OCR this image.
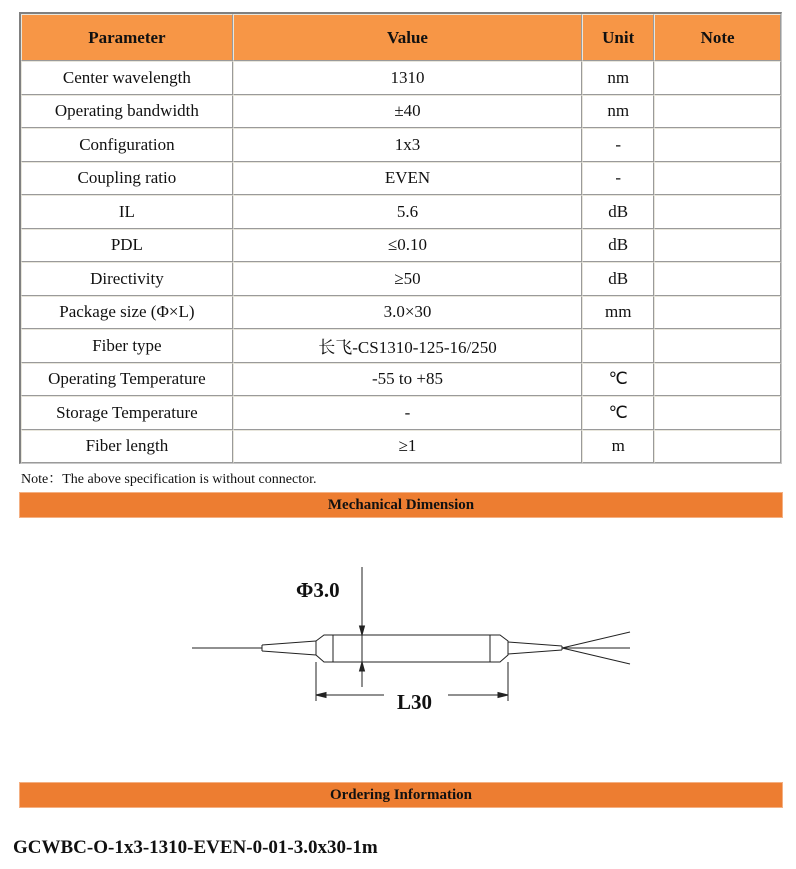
Parameter	Value	Unit	Note
Center wavelength	1310	nm	
Operating bandwidth	±40	nm	
Configuration	1x3	-	
Coupling ratio	EVEN	-	
IL	5.6	dB	
PDL	≤0.10	dB	
Directivity	≥50	dB	
Package size (Φ×L)	3.0×30	mm	
Fiber type	长飞-CS1310-125-16/250		
Operating Temperature	-55 to +85	℃	
Storage Temperature	-	℃	
Fiber length	≥1	m	
Note：The above specification is without connector.
Mechanical Dimension
Φ3.0
L30
Ordering Information
GCWBC-O-1x3-1310-EVEN-0-01-3.0x30-1m
